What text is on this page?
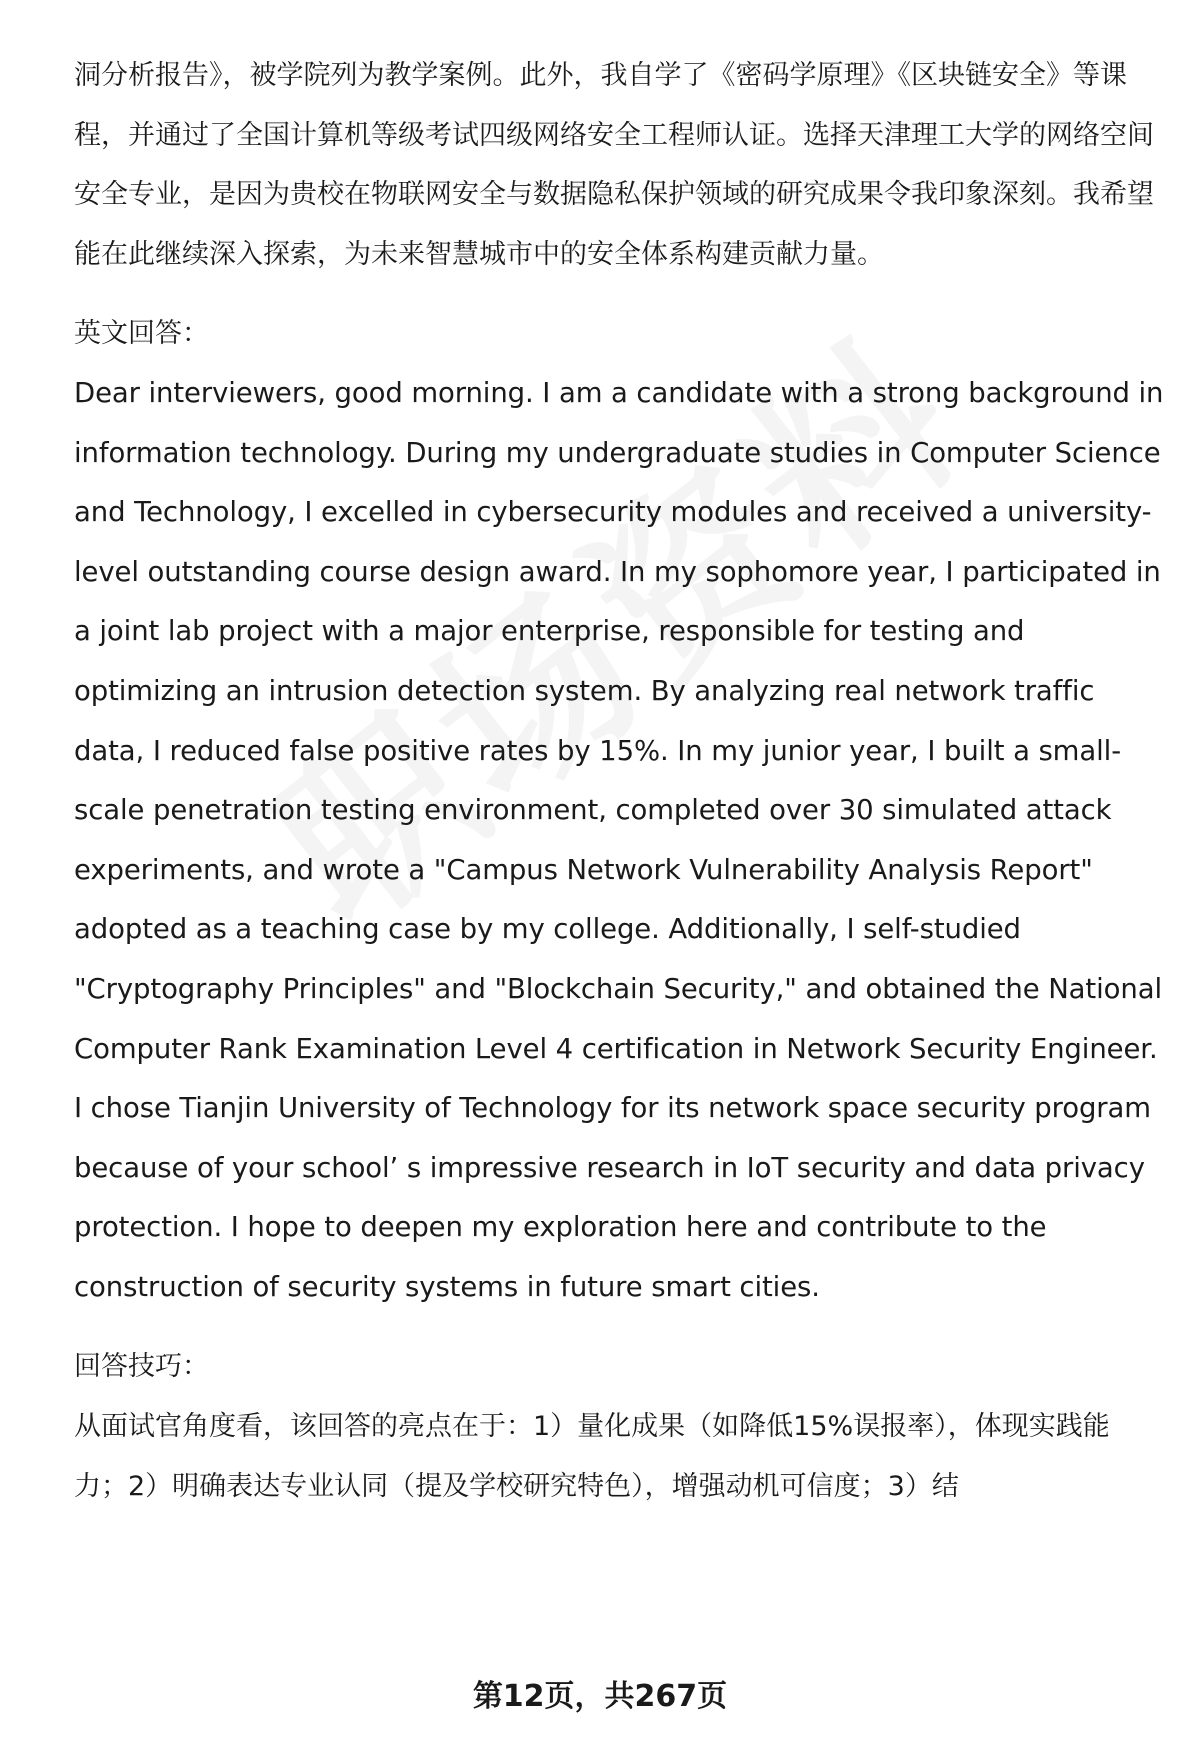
洞分析报告》，被学院列为教学案例。此外，我自学了《密码学原理》《区块链安全》等课程，并通过了全国计算机等级考试四级网络安全工程师认证。选择天津理工大学的网络空间安全专业，是因为贵校在物联网安全与数据隐私保护领域的研究成果令我印象深刻。我希望能在此继续深入探索，为未来智慧城市中的安全体系构建贡献力量。

英文回答：

Dear interviewers, good morning. I am a candidate with a strong background in information technology. During my undergraduate studies in Computer Science and Technology, I excelled in cybersecurity modules and received a university-level outstanding course design award. In my sophomore year, I participated in a joint lab project with a major enterprise, responsible for testing and optimizing an intrusion detection system. By analyzing real network traffic data, I reduced false positive rates by 15%. In my junior year, I built a small-scale penetration testing environment, completed over 30 simulated attack experiments, and wrote a "Campus Network Vulnerability Analysis Report" adopted as a teaching case by my college. Additionally, I self-studied "Cryptography Principles" and "Blockchain Security," and obtained the National Computer Rank Examination Level 4 certification in Network Security Engineer. I chose Tianjin University of Technology for its network space security program because of your school’ s impressive research in IoT security and data privacy protection. I hope to deepen my exploration here and contribute to the construction of security systems in future smart cities.

回答技巧：

从面试官角度看，该回答的亮点在于：1）量化成果（如降低15%误报率），体现实践能力；2）明确表达专业认同（提及学校研究特色），增强动机可信度；3）结

第12页，共267页
